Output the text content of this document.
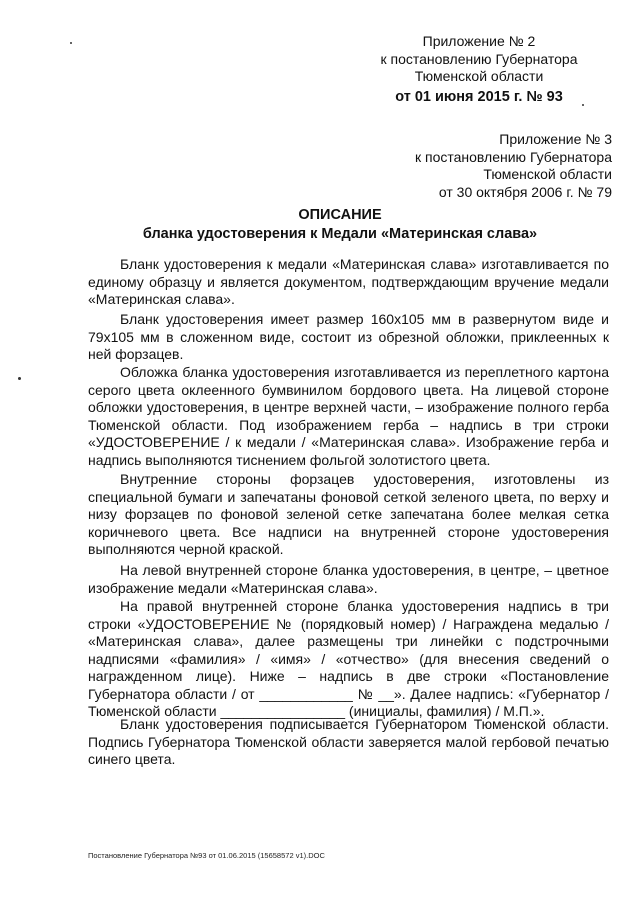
Приложение № 2
к постановлению Губернатора
Тюменской области
от 01 июня 2015 г. № 93
Приложение № 3
к постановлению Губернатора
Тюменской области
от 30 октября 2006 г. № 79
ОПИСАНИЕ
бланка удостоверения к Медали «Материнская слава»

Бланк удостоверения к медали «Материнская слава» изготавливается по единому образцу и является документом, подтверждающим вручение медали «Материнская слава».

Бланк удостоверения имеет размер 160х105 мм в развернутом виде и 79х105 мм в сложенном виде, состоит из обрезной обложки, приклеенных к ней форзацев.

Обложка бланка удостоверения изготавливается из переплетного картона серого цвета оклеенного бумвинилом бордового цвета. На лицевой стороне обложки удостоверения, в центре верхней части, – изображение полного герба Тюменской области. Под изображением герба – надпись в три строки «УДОСТОВЕРЕНИЕ / к медали / «Материнская слава». Изображение герба и надпись выполняются тиснением фольгой золотистого цвета.

Внутренние стороны форзацев удостоверения, изготовлены из специальной бумаги и запечатаны фоновой сеткой зеленого цвета, по верху и низу форзацев по фоновой зеленой сетке запечатана более мелкая сетка коричневого цвета. Все надписи на внутренней стороне удостоверения выполняются черной краской.

На левой внутренней стороне бланка удостоверения, в центре, – цветное изображение медали «Материнская слава».

На правой внутренней стороне бланка удостоверения надпись в три строки «УДОСТОВЕРЕНИЕ № (порядковый номер) / Награждена медалью / «Материнская слава», далее размещены три линейки с подстрочными надписями «фамилия» / «имя» / «отчество» (для внесения сведений о награжденном лице). Ниже – надпись в две строки «Постановление Губернатора области / от ____________ № __». Далее надпись: «Губернатор / Тюменской области ________________ (инициалы, фамилия) / М.П.».

Бланк удостоверения подписывается Губернатором Тюменской области. Подпись Губернатора Тюменской области заверяется малой гербовой печатью синего цвета.

Постановление Губернатора №93 от 01.06.2015 (15658572 v1).DOC
